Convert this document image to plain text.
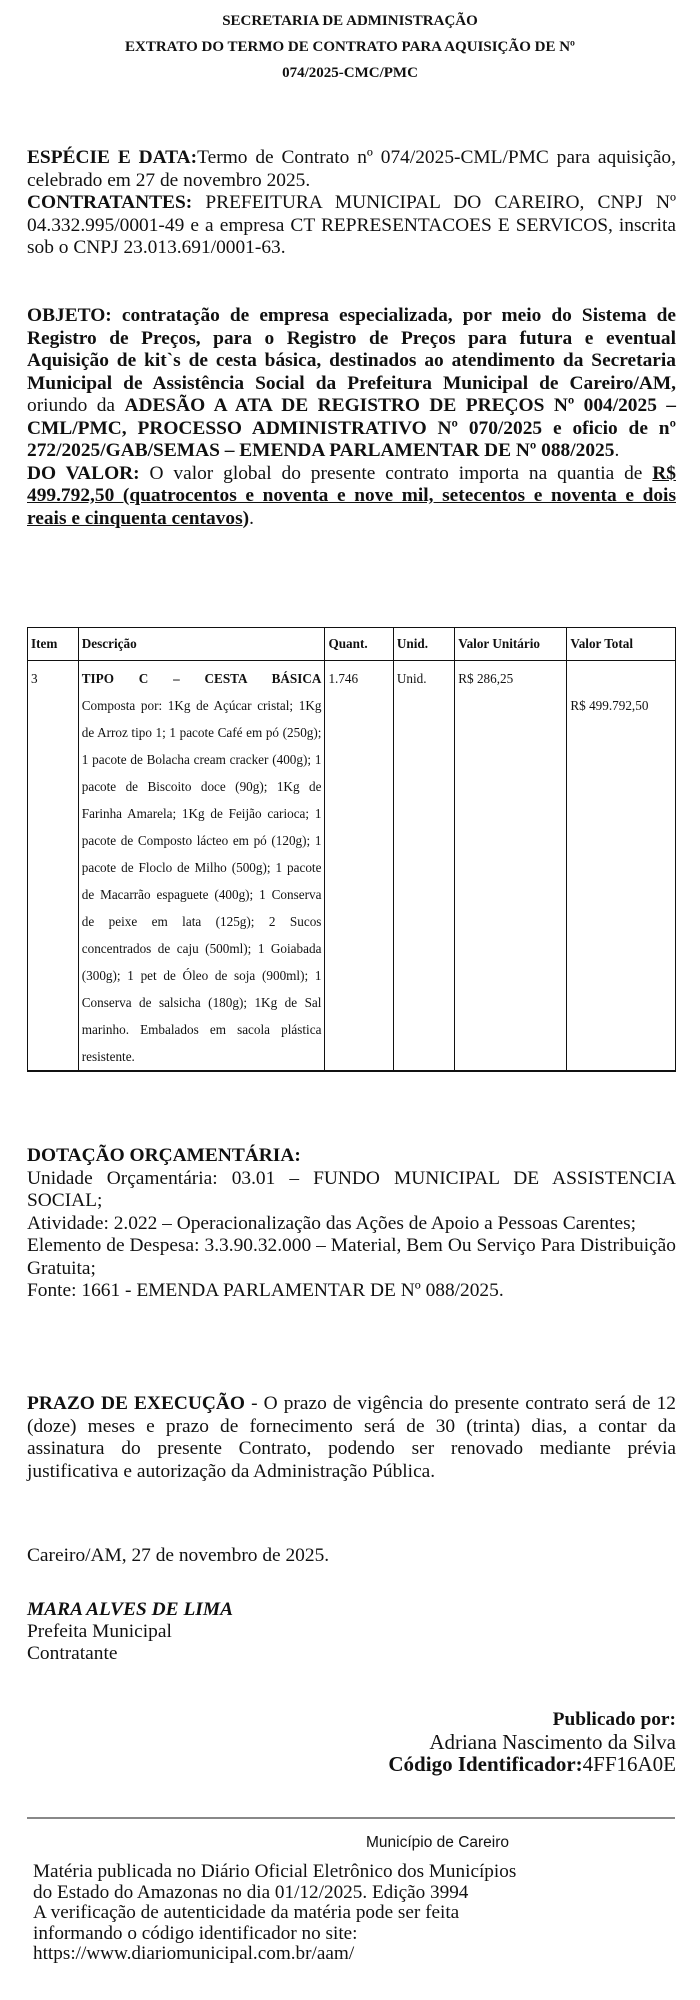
SECRETARIA DE ADMINISTRAÇÃO
EXTRATO DO TERMO DE CONTRATO PARA AQUISIÇÃO DE Nº
074/2025-CMC/PMC
ESPÉCIE E DATA:Termo de Contrato nº 074/2025-CML/PMC para aquisição, celebrado em 27 de novembro 2025.
CONTRATANTES: PREFEITURA MUNICIPAL DO CAREIRO, CNPJ Nº 04.332.995/0001-49 e a empresa CT REPRESENTACOES E SERVICOS, inscrita sob o CNPJ 23.013.691/0001-63.
OBJETO: contratação de empresa especializada, por meio do Sistema de Registro de Preços, para o Registro de Preços para futura e eventual Aquisição de kit`s de cesta básica, destinados ao atendimento da Secretaria Municipal de Assistência Social da Prefeitura Municipal de Careiro/AM, oriundo da ADESÃO A ATA DE REGISTRO DE PREÇOS Nº 004/2025 – CML/PMC, PROCESSO ADMINISTRATIVO Nº 070/2025 e oficio de nº 272/2025/GAB/SEMAS – EMENDA PARLAMENTAR DE Nº 088/2025.
DO VALOR: O valor global do presente contrato importa na quantia de R$ 499.792,50 (quatrocentos e noventa e nove mil, setecentos e noventa e dois reais e cinquenta centavos).
Item	Descrição	Quant.	Unid.	Valor Unitário	Valor Total
3	TIPO C – CESTA BÁSICA
Composta por: 1Kg de Açúcar cristal; 1Kg de Arroz tipo 1; 1 pacote Café em pó (250g); 1 pacote de Bolacha cream cracker (400g); 1 pacote de Biscoito doce (90g); 1Kg de Farinha Amarela; 1Kg de Feijão carioca; 1 pacote de Composto lácteo em pó (120g); 1 pacote de Floclo de Milho (500g); 1 pacote de Macarrão espaguete (400g); 1 Conserva de peixe em lata (125g); 2 Sucos concentrados de caju (500ml); 1 Goiabada (300g); 1 pet de Óleo de soja (900ml); 1 Conserva de salsicha (180g); 1Kg de Sal marinho. Embalados em sacola plástica resistente.	1.746	Unid.	R$ 286,25	R$ 499.792,50
DOTAÇÃO ORÇAMENTÁRIA:
Unidade Orçamentária: 03.01 – FUNDO MUNICIPAL DE ASSISTENCIA SOCIAL;
Atividade: 2.022 – Operacionalização das Ações de Apoio a Pessoas Carentes;
Elemento de Despesa: 3.3.90.32.000 – Material, Bem Ou Serviço Para Distribuição Gratuita;
Fonte: 1661 - EMENDA PARLAMENTAR DE Nº 088/2025.
PRAZO DE EXECUÇÃO - O prazo de vigência do presente contrato será de 12 (doze) meses e prazo de fornecimento será de 30 (trinta) dias, a contar da assinatura do presente Contrato, podendo ser renovado mediante prévia justificativa e autorização da Administração Pública.
Careiro/AM, 27 de novembro de 2025.
MARA ALVES DE LIMA
Prefeita Municipal
Contratante
Publicado por:
Adriana Nascimento da Silva
Código Identificador:4FF16A0E
Município de Careiro
Matéria publicada no Diário Oficial Eletrônico dos Municípios
do Estado do Amazonas no dia 01/12/2025. Edição 3994
A verificação de autenticidade da matéria pode ser feita
informando o código identificador no site:
https://www.diariomunicipal.com.br/aam/
